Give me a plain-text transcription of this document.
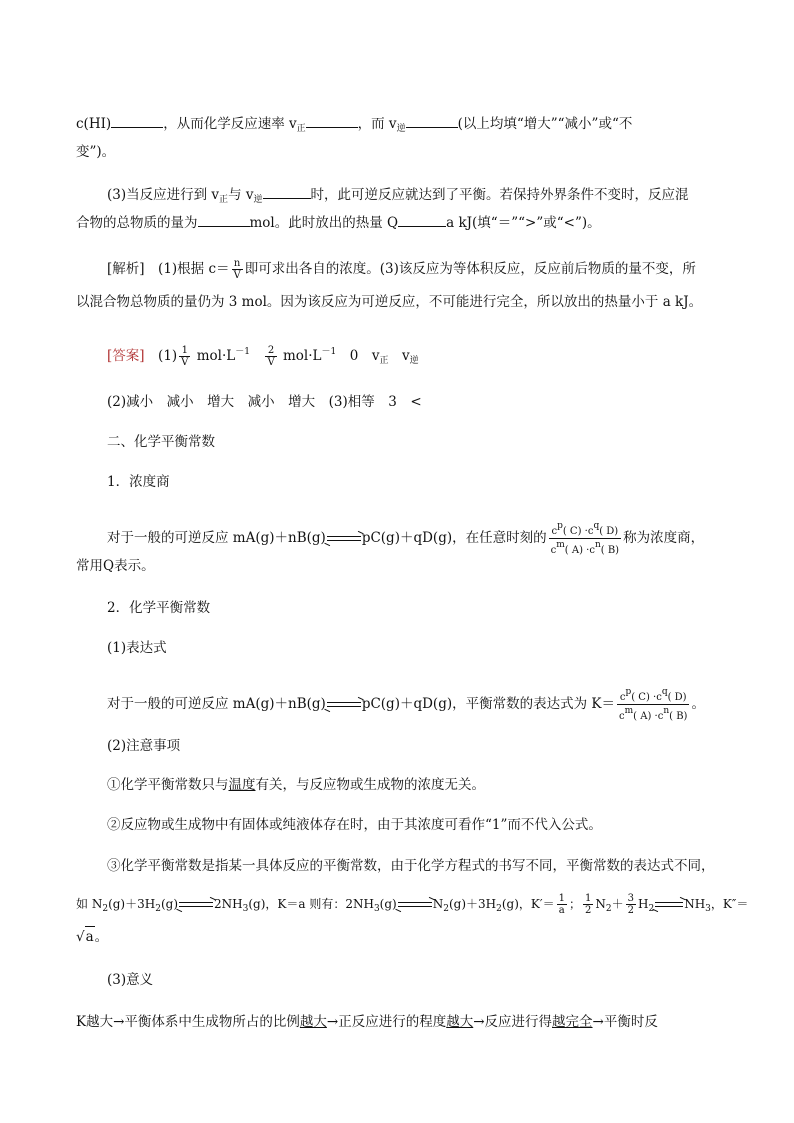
c(HI)	，从而化学反应速率 $v_正$	，而 $v_逆$	(以上均填“增大”“减小”或“不
变”)。
(3)当反应进行到 $v_正$与 $v_逆$	时，此可逆反应就达到了平衡。若保持外界条件不变时，反应混
合物的总物质的量为	mol。此时放出的热量 Q	a kJ(填“＝”“>”或“<”)。
[解析]　 (1)根据 $c= \frac{n}{V}$ 即可求出各自的浓度。(3)该反应为等体积反应，反应前后物质的量不变，所
以混合物总物质的量仍为 3 mol。因为该反应为可逆反应，不可能进行完全，所以放出的热量小于 a kJ。
[答案]　 $(1) \frac{1}{V} mol\cdot L^{-1}$　 $\frac{2}{V} mol\cdot L^{-1}$　 0　$v_正$　 $v_逆$
(2)减小　减小　增大　减小　增大　(3)相等　3　<
二、化学平衡常数
1．浓度商
对于一般的可逆反应 mA(g)＋nB(g)→pC(g)＋qD(g)，在任意时刻的 $\frac{cp( C) \cdot cq( D)}{cm( A) \cdot cn( B)}$ 称为浓度商，
常用Q表示。
2．化学平衡常数
(1)表达式
对于一般的可逆反应 mA(g)＋nB(g)→pC(g)＋qD(g)，平衡常数的表达式为 $K= \frac{cp( C) \cdot cq( D)}{cm( A) \cdot cn( B)}$ 。
(2)注意事项
①化学平衡常数只与温度有关，与反应物或生成物的浓度无关。
②反应物或生成物中有固体或纯液体存在时，由于其浓度可看作“1”而不代入公式。
③化学平衡常数是指某一具体反应的平衡常数，由于化学方程式的书写不同，平衡常数的表达式不同，
如 $N_2(g)+3H_2(g)\to 2NH_3(g)$，K＝a 则有：$2NH_3(g)\to N_2(g)+3H_2(g)$，$K'= \frac{1}{a}$ ； $\frac{1}{2} N_2+ \frac{3}{2} H_2\to NH_3$，K″＝
√a。
(3)意义
K越大→平衡体系中生成物所占的比例越大→正反应进行的程度越大→反应进行得越完全→平衡时反
